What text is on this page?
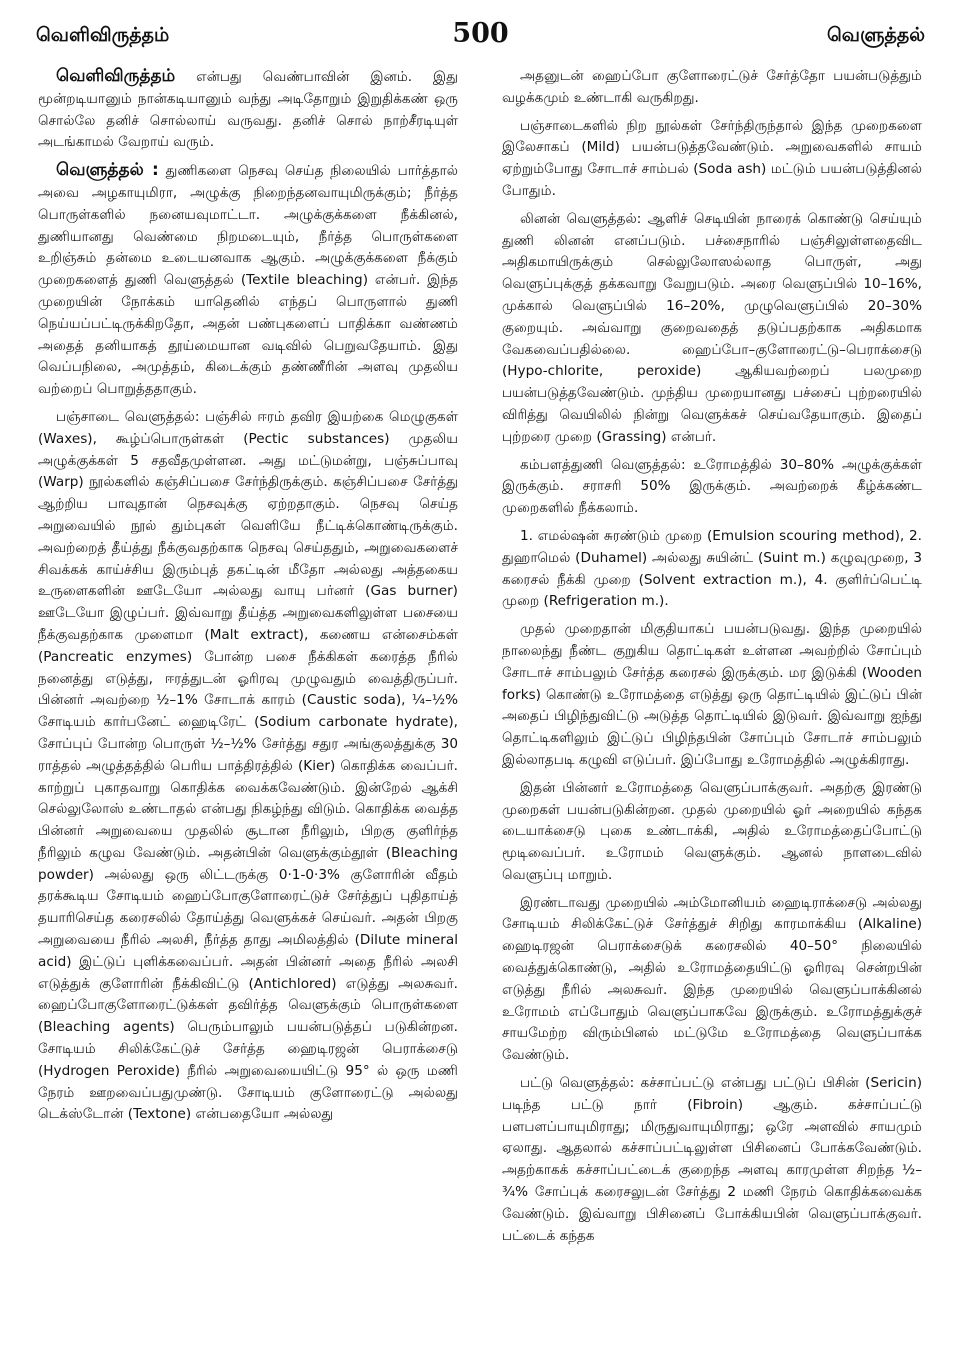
வெளிவிருத்தம்	500	வெளுத்தல்

வெளிவிருத்தம் என்பது வெண்பாவின் இனம். இது மூன்றடியானும் நான்கடியானும் வந்து அடிதோறும் இறுதிக்கண் ஒரு சொல்லே தனிச் சொல்லாய் வருவது. தனிச் சொல் நாற்சீரடியுள் அடங்காமல் வேறாய் வரும்.

வெளுத்தல் : துணிகளை நெசவு செய்த நிலையில் பார்த்தால் அவை அழகாயுமிரா, அழுக்கு நிறைந்தனவாயுமிருக்கும்; நீர்த்த பொருள்களில் நனையவுமாட்டா. அழுக்குக்களை நீக்கினல், துணியானது வெண்மை நிறமடையும், நீர்த்த பொருள்களை உறிஞ்சும் தன்மை உடையனவாக ஆகும். அழுக்குக்களை நீக்கும் முறைகளைத் துணி வெளுத்தல் (Textile bleaching) என்பர். இந்த முறையின் நோக்கம் யாதெனில் எந்தப் பொருளால் துணி நெய்யப்பட்டிருக்கிறதோ, அதன் பண்புகளைப் பாதிக்கா வண்ணம் அதைத் தனியாகத் தூய்மையான வடிவில் பெறுவதேயாம். இது வெப்பநிலை, அமுத்தம், கிடைக்கும் தண்ணீரின் அளவு முதலிய வற்றைப் பொறுத்ததாகும்.

பஞ்சாடை வெளுத்தல்: பஞ்சில் ஈரம் தவிர இயற்கை மெழுகுகள் (Waxes), கூழ்ப்பொருள்கள் (Pectic substances) முதலிய அழுக்குக்கள் 5 சதவீதமுள்ளன. அது மட்டுமன்று, பஞ்சுப்பாவு (Warp) நூல்களில் கஞ்சிப்பசை சேர்ந்திருக்கும். கஞ்சிப்பசை சேர்த்து ஆற்றிய பாவுதான் நெசவுக்கு ஏற்றதாகும். நெசவு செய்த அறுவையில் நூல் தும்புகள் வெளியே நீட்டிக்கொண்டிருக்கும். அவற்றைத் தீய்த்து நீக்குவதற்காக நெசவு செய்ததும், அறுவைகளைச் சிவக்கக் காய்ச்சிய இரும்புத் தகட்டின் மீதோ அல்லது அத்தகைய உருளைகளின் ஊடேயோ அல்லது வாயு பர்னர் (Gas burner) ஊடேயோ இழுப்பர். இவ்வாறு தீய்த்த அறுவைகளிலுள்ள பசையை நீக்குவதற்காக முளைமா (Malt extract), கணைய என்சைம்கள் (Pancreatic enzymes) போன்ற பசை நீக்கிகள் கரைத்த நீரில் நனைத்து எடுத்து, ஈரத்துடன் ஓரிரவு முழுவதும் வைத்திருப்பர். பின்னர் அவற்றை ½–1% சோடாக் காரம் (Caustic soda), ¼–½% சோடியம் கார்பனேட் ஹைடிரேட் (Sodium carbonate hydrate), சோப்புப் போன்ற பொருள் ½–½% சேர்த்து சதுர அங்குலத்துக்கு 30 ராத்தல் அழுத்தத்தில் பெரிய பாத்திரத்தில் (Kier) கொதிக்க வைப்பர். காற்றுப் புகாதவாறு கொதிக்க வைக்கவேண்டும். இன்றேல் ஆக்சி செல்லுலோஸ் உண்டாதல் என்பது நிகழ்ந்து விடும். கொதிக்க வைத்த பின்னர் அறுவையை முதலில் சூடான நீரிலும், பிறகு குளிர்ந்த நீரிலும் கழுவ வேண்டும். அதன்பின் வெளுக்கும்தூள் (Bleaching powder) அல்லது ஒரு லிட்டருக்கு 0·1-0·3% குளோரின் வீதம் தரக்கூடிய சோடியம் ஹைப்போகுளோரைட்டுச் சேர்த்துப் புதிதாய்த் தயாரிசெய்த கரைசலில் தோய்த்து வெளுக்கச் செய்வர். அதன் பிறகு அறுவையை நீரில் அலசி, நீர்த்த தாது அமிலத்தில் (Dilute mineral acid) இட்டுப் புளிக்கவைப்பர். அதன் பின்னர் அதை நீரில் அலசி எடுத்துக் குளோரின் நீக்கிவிட்டு (Antichlored) எடுத்து அலசுவர். ஹைப்போகுளோரைட்டுக்கள் தவிர்த்த வெளுக்கும் பொருள்களை (Bleaching agents) பெரும்பாலும் பயன்படுத்தப் படுகின்றன. சோடியம் சிலிக்கேட்டுச் சேர்த்த ஹைடிரஜன் பெராக்சைடு (Hydrogen Peroxide) நீரில் அறுவையையிட்டு 95° ல் ஒரு மணி நேரம் ஊறவைப்பதுமுண்டு. சோடியம் குளோரைட்டு அல்லது டெக்ஸ்டோன் (Textone) என்பதையோ அல்லது

அதனுடன் ஹைப்போ குளோரைட்டுச் சேர்த்தோ பயன்படுத்தும் வழக்கமும் உண்டாகி வருகிறது.

பஞ்சாடைகளில் நிற நூல்கள் சேர்ந்திருந்தால் இந்த முறைகளை இலேசாகப் (Mild) பயன்படுத்தவேண்டும். அறுவைகளில் சாயம் ஏற்றும்போது சோடாச் சாம்பல் (Soda ash) மட்டும் பயன்படுத்தினல் போதும்.

லினன் வெளுத்தல்: ஆளிச் செடியின் நாரைக் கொண்டு செய்யும் துணி லினன் எனப்படும். பச்சைநாரில் பஞ்சிலுள்ளதைவிட அதிகமாயிருக்கும் செல்லுலோஸல்லாத பொருள், அது வெளுப்புக்குத் தக்கவாறு வேறுபடும். அரை வெளுப்பில் 10–16%, முக்கால் வெளுப்பில் 16–20%, முழுவெளுப்பில் 20–30% குறையும். அவ்வாறு குறைவதைத் தடுப்பதற்காக அதிகமாக வேகவைப்பதில்லை. ஹைப்போ–குளோரைட்டு–பெராக்சைடு (Hypo-chlorite, peroxide) ஆகியவற்றைப் பலமுறை பயன்படுத்தவேண்டும். முந்திய முறையானது பச்சைப் புற்றரையில் விரித்து வெயிலில் நின்று வெளுக்கச் செய்வதேயாகும். இதைப் புற்றரை முறை (Grassing) என்பர்.

கம்பளத்துணி வெளுத்தல்: உரோமத்தில் 30–80% அழுக்குக்கள் இருக்கும். சராசரி 50% இருக்கும். அவற்றைக் கீழ்க்கண்ட முறைகளில் நீக்கலாம்.

1. எமல்ஷன் சுரண்டும் முறை (Emulsion scouring method), 2. துஹாமெல் (Duhamel) அல்லது சுயின்ட் (Suint m.) கழுவுமுறை, 3 கரைசல் நீக்கி முறை (Solvent extraction m.), 4. குளிர்ப்பெட்டி முறை (Refrigeration m.).

முதல் முறைதான் மிகுதியாகப் பயன்படுவது. இந்த முறையில் நாலைந்து நீண்ட குறுகிய தொட்டிகள் உள்ளன அவற்றில் சோப்பும் சோடாச் சாம்பலும் சேர்த்த கரைசல் இருக்கும். மர இடுக்கி (Wooden forks) கொண்டு உரோமத்தை எடுத்து ஒரு தொட்டியில் இட்டுப் பின் அதைப் பிழிந்துவிட்டு அடுத்த தொட்டியில் இடுவர். இவ்வாறு ஐந்து தொட்டிகளிலும் இட்டுப் பிழிந்தபின் சோப்பும் சோடாச் சாம்பலும் இல்லாதபடி கழுவி எடுப்பர். இப்போது உரோமத்தில் அழுக்கிராது.

இதன் பின்னர் உரோமத்தை வெளுப்பாக்குவர். அதற்கு இரண்டு முறைகள் பயன்படுகின்றன. முதல் முறையில் ஓர் அறையில் கந்தக டையாக்சைடு புகை உண்டாக்கி, அதில் உரோமத்தைப்போட்டு மூடிவைப்பர். உரோமம் வெளுக்கும். ஆனல் நாளடைவில் வெளுப்பு மாறும்.

இரண்டாவது முறையில் அம்மோனியம் ஹைடிராக்சைடு அல்லது சோடியம் சிலிக்கேட்டுச் சேர்த்துச் சிறிது காரமாக்கிய (Alkaline) ஹைடிரஜன் பெராக்சைடுக் கரைசலில் 40–50° நிலையில் வைத்துக்கொண்டு, அதில் உரோமத்தையிட்டு ஓரிரவு சென்றபின் எடுத்து நீரில் அலசுவர். இந்த முறையில் வெளுப்பாக்கினல் உரோமம் எப்போதும் வெளுப்பாகவே இருக்கும். உரோமத்துக்குச் சாயமேற்ற விரும்பினல் மட்டுமே உரோமத்தை வெளுப்பாக்க வேண்டும்.

பட்டு வெளுத்தல்: கச்சாப்பட்டு என்பது பட்டுப் பிசின் (Sericin) படிந்த பட்டு நார் (Fibroin) ஆகும். கச்சாப்பட்டு பளபளப்பாயுமிராது; மிருதுவாயுமிராது; ஒரே அளவில் சாயமும் ஏலாது. ஆதலால் கச்சாப்பட்டிலுள்ள பிசினைப் போக்கவேண்டும். அதற்காகக் கச்சாப்பட்டைக் குறைந்த அளவு காரமுள்ள சிறந்த ½–¾% சோப்புக் கரைசலுடன் சேர்த்து 2 மணி நேரம் கொதிக்கவைக்க வேண்டும். இவ்வாறு பிசினைப் போக்கியபின் வெளுப்பாக்குவர். பட்டைக் கந்தக
